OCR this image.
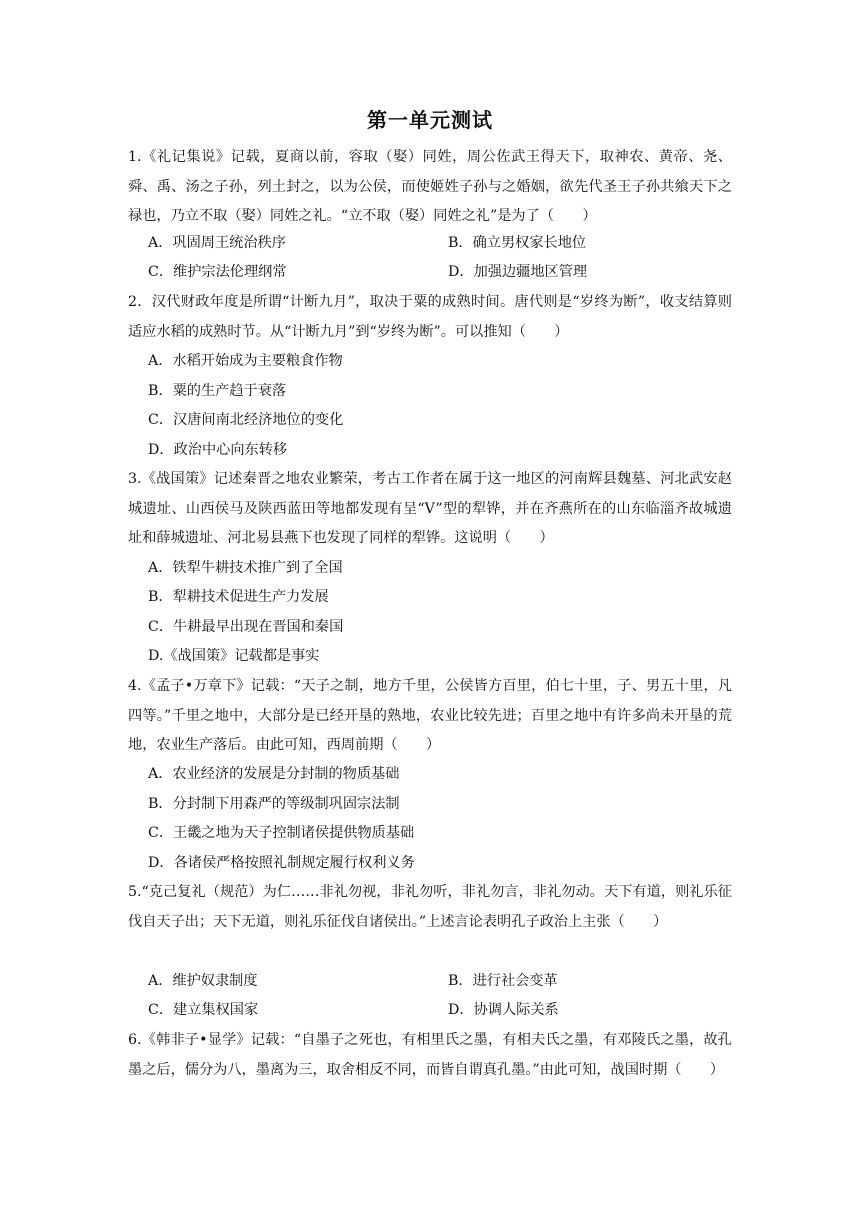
第一单元测试
1.《礼记集说》记载，夏商以前，容取（娶）同姓，周公佐武王得天下，取神农、黄帝、尧、舜、禹、汤之子孙，列土封之，以为公侯，而使姬姓子孙与之婚姻，欲先代圣王子孙共飨天下之禄也，乃立不取（娶）同姓之礼。“立不取（娶）同姓之礼”是为了（　　）
A．巩固周王统治秩序	B．确立男权家长地位
C．维护宗法伦理纲常	D．加强边疆地区管理
2．汉代财政年度是所谓“计断九月”，取决于粟的成熟时间。唐代则是“岁终为断”，收支结算则适应水稻的成熟时节。从“计断九月”到“岁终为断”。可以推知（　　）
A．水稻开始成为主要粮食作物
B．粟的生产趋于衰落
C．汉唐间南北经济地位的变化
D．政治中心向东转移
3.《战国策》记述秦晋之地农业繁荣，考古工作者在属于这一地区的河南辉县魏墓、河北武安赵城遗址、山西侯马及陕西蓝田等地都发现有呈“V”型的犁铧，并在齐燕所在的山东临淄齐故城遗址和薛城遗址、河北易县燕下也发现了同样的犁铧。这说明（　　）
A．铁犁牛耕技术推广到了全国
B．犁耕技术促进生产力发展
C．牛耕最早出现在晋国和秦国
D.《战国策》记载都是事实
4.《孟子•万章下》记载：“天子之制，地方千里，公侯皆方百里，伯七十里，子、男五十里，凡四等。”千里之地中，大部分是已经开垦的熟地，农业比较先进；百里之地中有许多尚未开垦的荒地，农业生产落后。由此可知，西周前期（　　）
A．农业经济的发展是分封制的物质基础
B．分封制下用森严的等级制巩固宗法制
C．王畿之地为天子控制诸侯提供物质基础
D．各诸侯严格按照礼制规定履行权利义务
5.“克己复礼（规范）为仁……非礼勿视，非礼勿听，非礼勿言，非礼勿动。天下有道，则礼乐征伐自天子出；天下无道，则礼乐征伐自诸侯出。”上述言论表明孔子政治上主张（　　）
A．维护奴隶制度	B．进行社会变革
C．建立集权国家	D．协调人际关系
6.《韩非子•显学》记载：“自墨子之死也，有相里氏之墨，有相夫氏之墨，有邓陵氏之墨，故孔墨之后，儒分为八，墨离为三，取舍相反不同，而皆自谓真孔墨。”由此可知，战国时期（　　）
